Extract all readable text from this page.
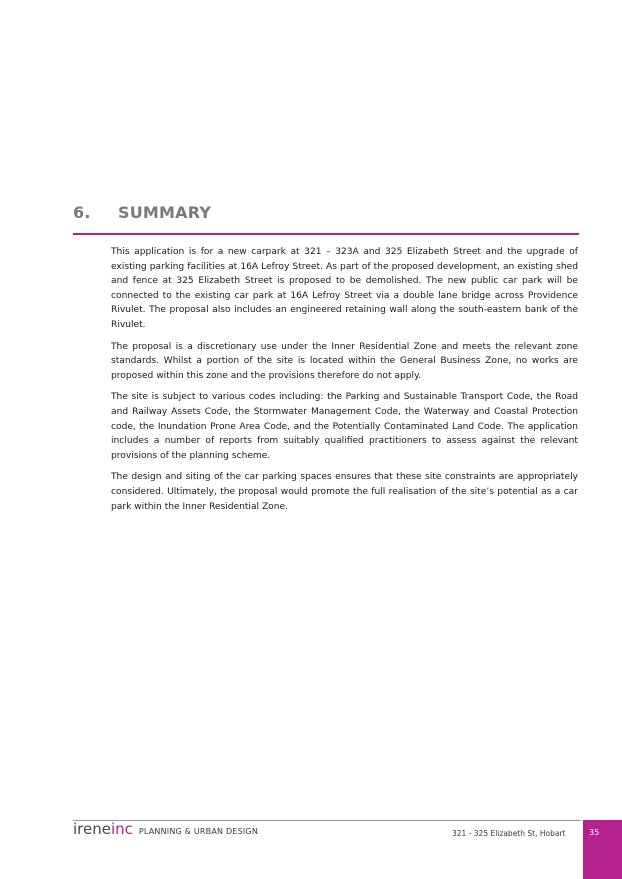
6. SUMMARY

This application is for a new carpark at 321 – 323A and 325 Elizabeth Street and the upgrade of existing parking facilities at 16A Lefroy Street. As part of the proposed development, an existing shed and fence at 325 Elizabeth Street is proposed to be demolished. The new public car park will be connected to the existing car park at 16A Lefroy Street via a double lane bridge across Providence Rivulet. The proposal also includes an engineered retaining wall along the south-eastern bank of the Rivulet.

The proposal is a discretionary use under the Inner Residential Zone and meets the relevant zone standards. Whilst a portion of the site is located within the General Business Zone, no works are proposed within this zone and the provisions therefore do not apply.

The site is subject to various codes including: the Parking and Sustainable Transport Code, the Road and Railway Assets Code, the Stormwater Management Code, the Waterway and Coastal Protection code, the Inundation Prone Area Code, and the Potentially Contaminated Land Code. The application includes a number of reports from suitably qualified practitioners to assess against the relevant provisions of the planning scheme.

The design and siting of the car parking spaces ensures that these site constraints are appropriately considered. Ultimately, the proposal would promote the full realisation of the site’s potential as a car park within the Inner Residential Zone.

irene inc PLANNING & URBAN DESIGN	321 - 325 Elizabeth St, Hobart	35
